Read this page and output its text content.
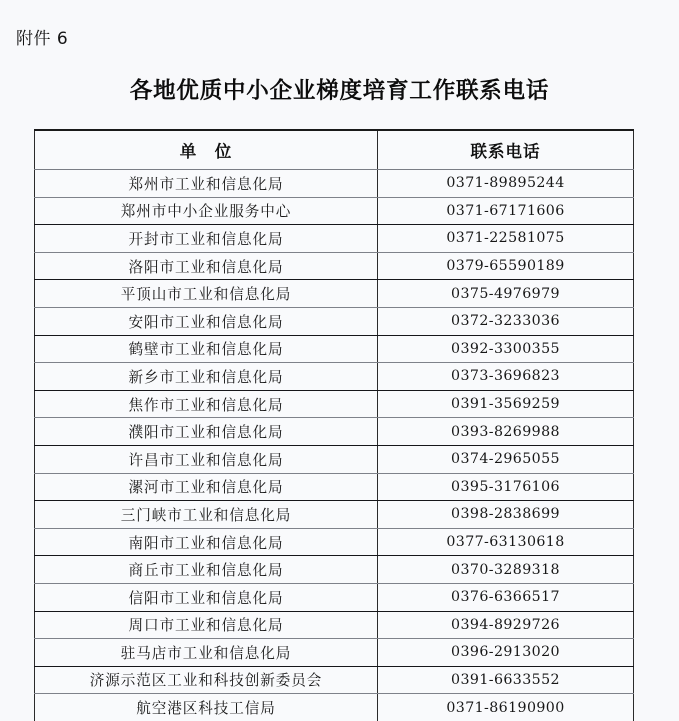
附件 6
各地优质中小企业梯度培育工作联系电话
单　位	联系电话
郑州市工业和信息化局	0371-89895244
郑州市中小企业服务中心	0371-67171606
开封市工业和信息化局	0371-22581075
洛阳市工业和信息化局	0379-65590189
平顶山市工业和信息化局	0375-4976979
安阳市工业和信息化局	0372-3233036
鹤壁市工业和信息化局	0392-3300355
新乡市工业和信息化局	0373-3696823
焦作市工业和信息化局	0391-3569259
濮阳市工业和信息化局	0393-8269988
许昌市工业和信息化局	0374-2965055
漯河市工业和信息化局	0395-3176106
三门峡市工业和信息化局	0398-2838699
南阳市工业和信息化局	0377-63130618
商丘市工业和信息化局	0370-3289318
信阳市工业和信息化局	0376-6366517
周口市工业和信息化局	0394-8929726
驻马店市工业和信息化局	0396-2913020
济源示范区工业和科技创新委员会	0391-6633552
航空港区科技工信局	0371-86190900
